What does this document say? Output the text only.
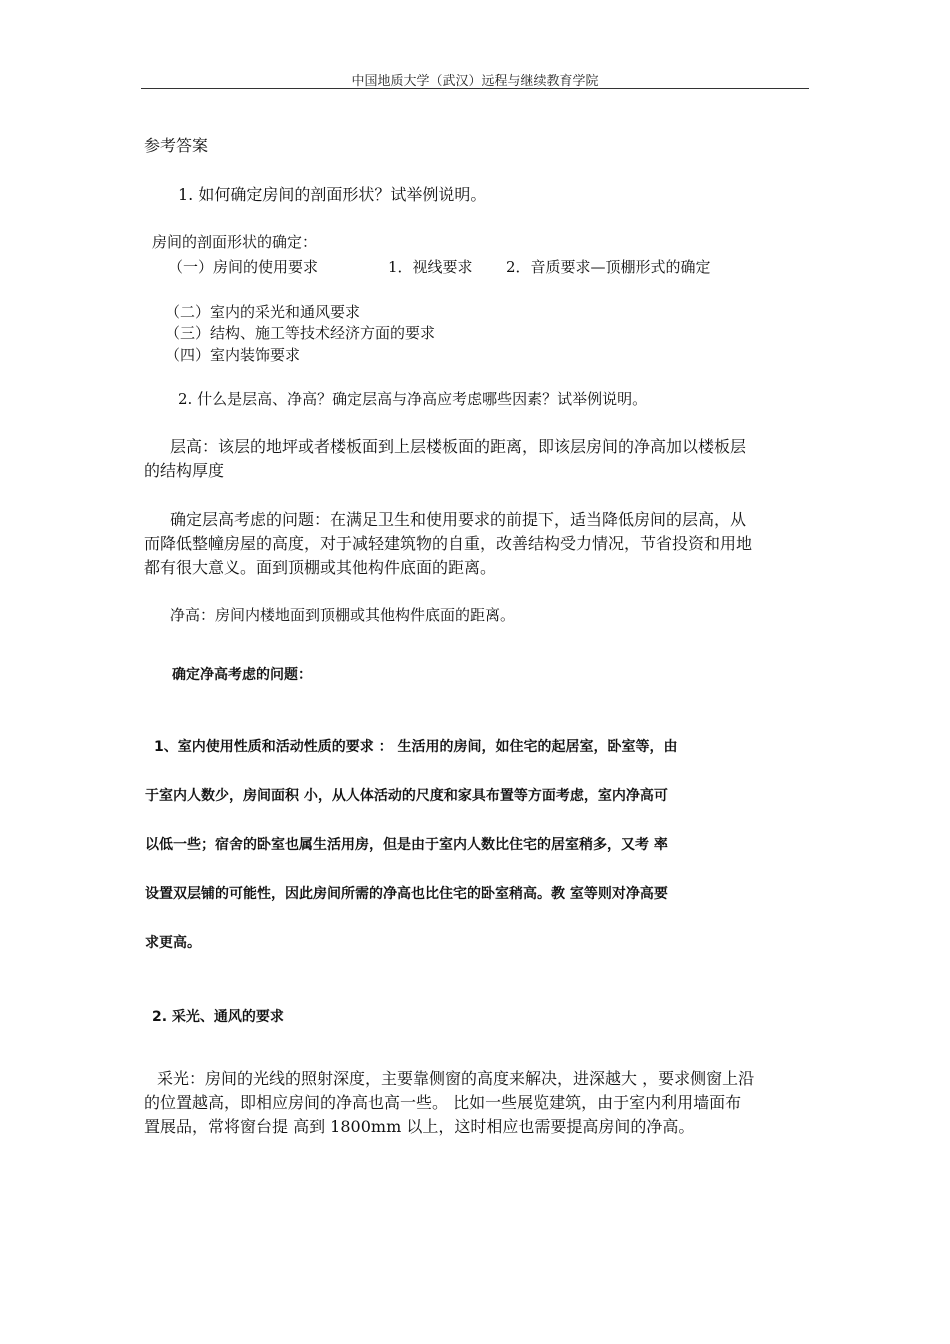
中国地质大学（武汉）远程与继续教育学院
参考答案
1. 如何确定房间的剖面形状？试举例说明。
房间的剖面形状的确定：
（一）房间的使用要求	1．视线要求 2．音质要求—顶棚形式的确定
（二）室内的采光和通风要求
（三）结构、施工等技术经济方面的要求
（四）室内装饰要求
2. 什么是层高、净高？确定层高与净高应考虑哪些因素？试举例说明。
层高：该层的地坪或者楼板面到上层楼板面的距离，即该层房间的净高加以楼板层
的结构厚度
确定层高考虑的问题：在满足卫生和使用要求的前提下，适当降低房间的层高，从
而降低整幢房屋的高度，对于减轻建筑物的自重，改善结构受力情况，节省投资和用地
都有很大意义。面到顶棚或其他构件底面的距离。
净高：房间内楼地面到顶棚或其他构件底面的距离。
确定净高考虑的问题：
1、室内使用性质和活动性质的要求 ： 生活用的房间，如住宅的起居室，卧室等，由
于室内人数少，房间面积 小，从人体活动的尺度和家具布置等方面考虑，室内净高可
以低一些；宿舍的卧室也属生活用房，但是由于室内人数比住宅的居室稍多，又考 率
设置双层铺的可能性，因此房间所需的净高也比住宅的卧室稍高。教 室等则对净高要
求更高。
2. 采光、通风的要求
采光：房间的光线的照射深度，主要靠侧窗的高度来解决，进深越大 ，要求侧窗上沿
的位置越高，即相应房间的净高也高一些。 比如一些展览建筑，由于室内利用墙面布
置展品，常将窗台提 高到 1800mm 以上，这时相应也需要提高房间的净高。
